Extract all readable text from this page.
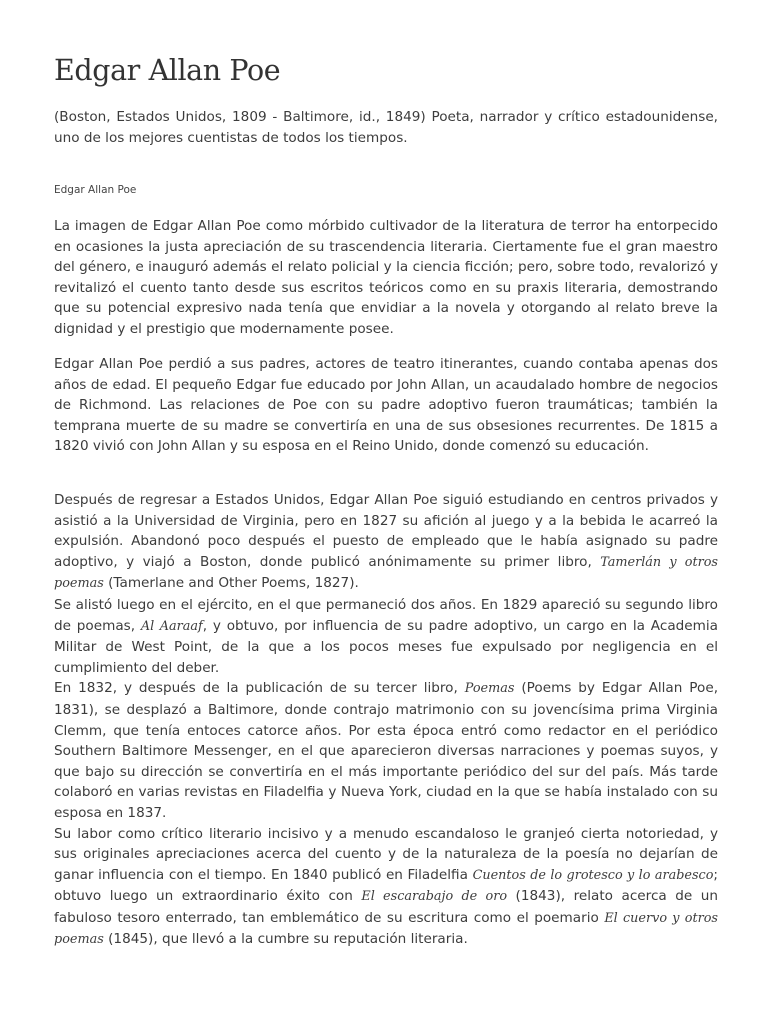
Edgar Allan Poe

(Boston, Estados Unidos, 1809 - Baltimore, id., 1849) Poeta, narrador y crítico estadounidense, uno de los mejores cuentistas de todos los tiempos.

Edgar Allan Poe

La imagen de Edgar Allan Poe como mórbido cultivador de la literatura de terror ha entorpecido en ocasiones la justa apreciación de su trascendencia literaria. Ciertamente fue el gran maestro del género, e inauguró además el relato policial y la ciencia ficción; pero, sobre todo, revalorizó y revitalizó el cuento tanto desde sus escritos teóricos como en su praxis literaria, demostrando que su potencial expresivo nada tenía que envidiar a la novela y otorgando al relato breve la dignidad y el prestigio que modernamente posee.

Edgar Allan Poe perdió a sus padres, actores de teatro itinerantes, cuando contaba apenas dos años de edad. El pequeño Edgar fue educado por John Allan, un acaudalado hombre de negocios de Richmond. Las relaciones de Poe con su padre adoptivo fueron traumáticas; también la temprana muerte de su madre se convertiría en una de sus obsesiones recurrentes. De 1815 a 1820 vivió con John Allan y su esposa en el Reino Unido, donde comenzó su educación.

Después de regresar a Estados Unidos, Edgar Allan Poe siguió estudiando en centros privados y asistió a la Universidad de Virginia, pero en 1827 su afición al juego y a la bebida le acarreó la expulsión. Abandonó poco después el puesto de empleado que le había asignado su padre adoptivo, y viajó a Boston, donde publicó anónimamente su primer libro, Tamerlán y otros poemas (Tamerlane and Other Poems, 1827).

Se alistó luego en el ejército, en el que permaneció dos años. En 1829 apareció su segundo libro de poemas, Al Aaraaf, y obtuvo, por influencia de su padre adoptivo, un cargo en la Academia Militar de West Point, de la que a los pocos meses fue expulsado por negligencia en el cumplimiento del deber.

En 1832, y después de la publicación de su tercer libro, Poemas (Poems by Edgar Allan Poe, 1831), se desplazó a Baltimore, donde contrajo matrimonio con su jovencísima prima Virginia Clemm, que tenía entoces catorce años. Por esta época entró como redactor en el periódico Southern Baltimore Messenger, en el que aparecieron diversas narraciones y poemas suyos, y que bajo su dirección se convertiría en el más importante periódico del sur del país. Más tarde colaboró en varias revistas en Filadelfia y Nueva York, ciudad en la que se había instalado con su esposa en 1837.

Su labor como crítico literario incisivo y a menudo escandaloso le granjeó cierta notoriedad, y sus originales apreciaciones acerca del cuento y de la naturaleza de la poesía no dejarían de ganar influencia con el tiempo. En 1840 publicó en Filadelfia Cuentos de lo grotesco y lo arabesco; obtuvo luego un extraordinario éxito con El escarabajo de oro (1843), relato acerca de un fabuloso tesoro enterrado, tan emblemático de su escritura como el poemario El cuervo y otros poemas (1845), que llevó a la cumbre su reputación literaria.
